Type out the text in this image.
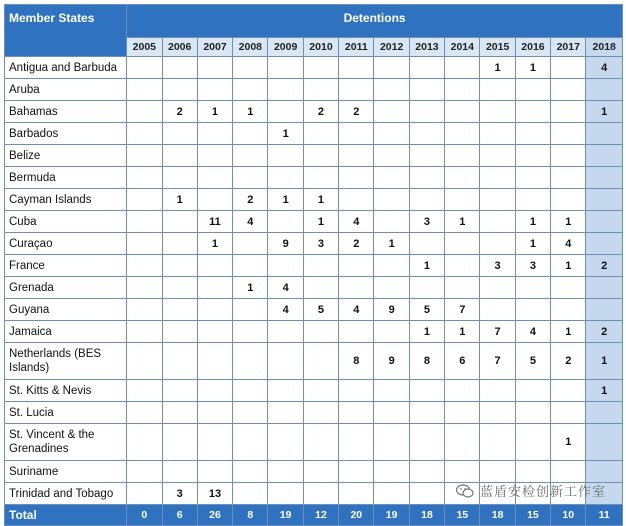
Member States	Detentions													
	2005	2006	2007	2008	2009	2010	2011	2012	2013	2014	2015	2016	2017	2018
Antigua and Barbuda											1	1		4
Aruba														
Bahamas		2	1	1		2	2							1
Barbados					1									
Belize														
Bermuda														
Cayman Islands		1		2	1	1								
Cuba			11	4		1	4		3	1		1	1	
Curaçao			1		9	3	2	1				1	4	
France									1		3	3	1	2
Grenada				1	4									
Guyana					4	5	4	9	5	7				
Jamaica									1	1	7	4	1	2
Netherlands (BES Islands)							8	9	8	6	7	5	2	1
St. Kitts & Nevis														1
St. Lucia														
St. Vincent & the Grenadines													1	
Suriname														
Trinidad and Tobago		3	13											
Total	0	6	26	8	19	12	20	19	18	15	18	15	10	11
蓝盾安检创新工作室
